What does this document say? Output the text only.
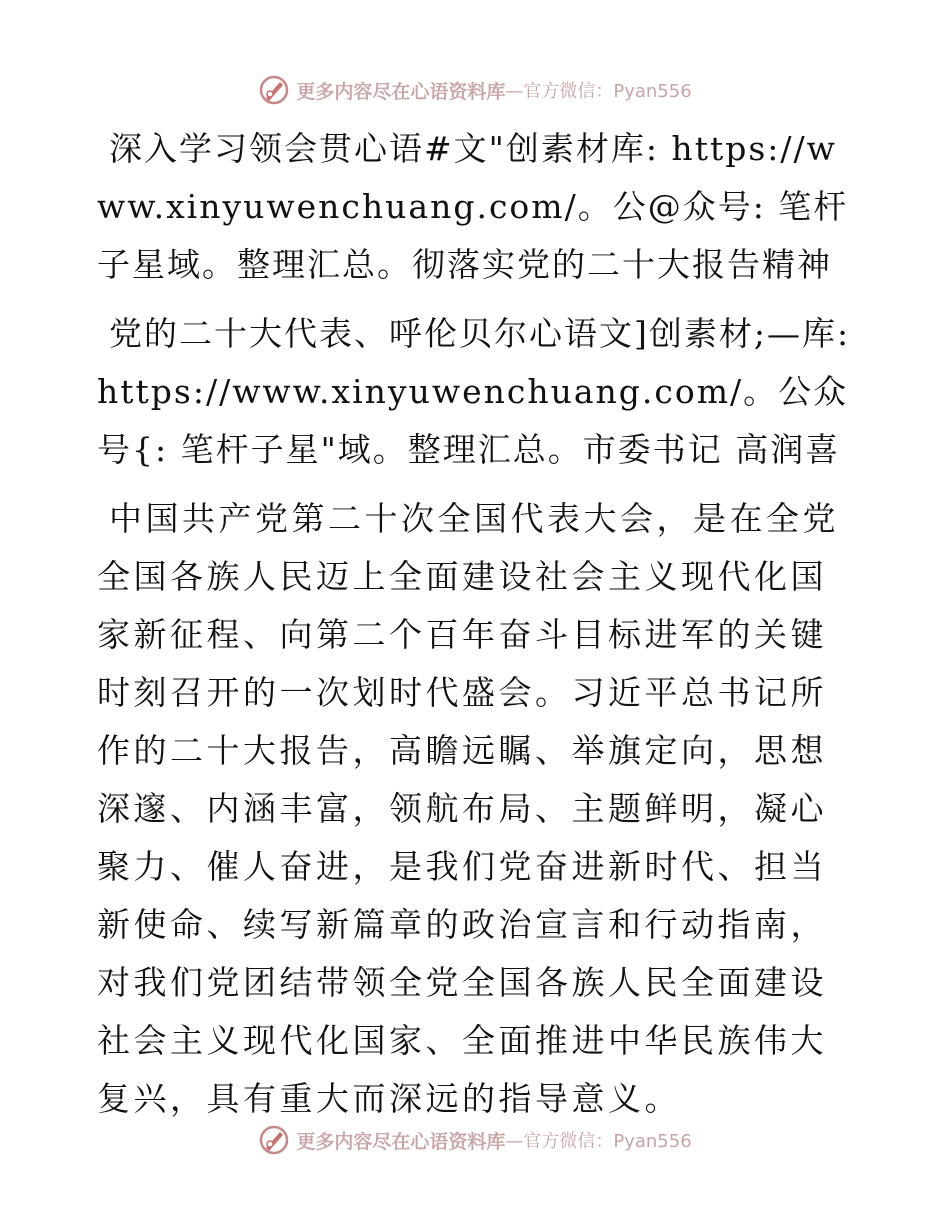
更多内容尽在心语资料库 —官方微信：Pyan556

深入学习领会贯心语#文"创素材库: https://www.xinyuwenchuang.com/。公@众号: 笔杆子星域。整理汇总。彻落实党的二十大报告精神

党的二十大代表、呼伦贝尔心语文]创素材;—库: https://www.xinyuwenchuang.com/。公众号{: 笔杆子星"域。整理汇总。市委书记 高润喜

中国共产党第二十次全国代表大会，是在全党全国各族人民迈上全面建设社会主义现代化国家新征程、向第二个百年奋斗目标进军的关键时刻召开的一次划时代盛会。习近平总书记所作的二十大报告，高瞻远瞩、举旗定向，思想深邃、内涵丰富，领航布局、主题鲜明，凝心聚力、催人奋进，是我们党奋进新时代、担当新使命、续写新篇章的政治宣言和行动指南，对我们党团结带领全党全国各族人民全面建设社会主义现代化国家、全面推进中华民族伟大复兴，具有重大而深远的指导意义。

更多内容尽在心语资料库 —官方微信：Pyan556
